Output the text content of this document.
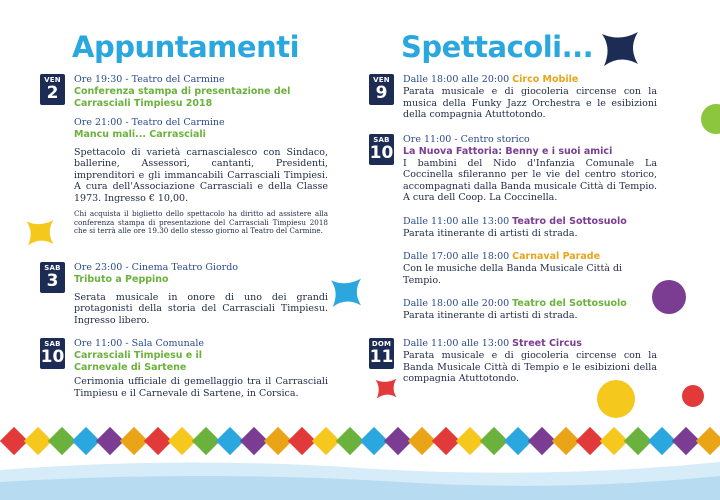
Appuntamenti	Spettacoli...
VEN
2
Ore 19:30 - Teatro del Carmine
Conferenza stampa di presentazione del Carrasciali Timpiesu 2018
Ore 21:00 - Teatro del Carmine
Mancu mali... Carrasciali
Spettacolo di varietà carnascialesco con Sindaco, ballerine, Assessori, cantanti, Presidenti, imprenditori e gli immancabili Carrasciali Timpiesi. A cura dell'Associazione Carrasciali e della Classe 1973. Ingresso € 10,00.
Chi acquista il biglietto dello spettacolo ha diritto ad assistere alla conferenza stampa di presentazione del Carrasciali Timpiesu 2018 che si terrà alle ore 19.30 dello stesso giorno al Teatro del Carmine.
SAB
3
Ore 23:00 - Cinema Teatro Giordo
Tributo a Peppino
Serata musicale in onore di uno dei grandi protagonisti della storia del Carrasciali Timpiesu. Ingresso libero.
SAB
10
Ore 11:00 - Sala Comunale
Carrasciali Timpiesu e il Carnevale di Sartene
Cerimonia ufficiale di gemellaggio tra il Carrasciali Timpiesu e il Carnevale di Sartene, in Corsica.
VEN
9
Dalle 18:00 alle 20:00 Circo Mobile
Parata musicale e di giocoleria circense con la musica della Funky Jazz Orchestra e le esibizioni della compagnia Atuttotondo.
SAB
10
Ore 11:00 - Centro storico
La Nuova Fattoria: Benny e i suoi amici
I bambini del Nido d'Infanzia Comunale La Coccinella sfileranno per le vie del centro storico, accompagnati dalla Banda musicale Città di Tempio. A cura dell Coop. La Coccinella.
Dalle 11:00 alle 13:00 Teatro del Sottosuolo
Parata itinerante di artisti di strada.
Dalle 17:00 alle 18:00 Carnaval Parade
Con le musiche della Banda Musicale Città di Tempio.
Dalle 18:00 alle 20:00 Teatro del Sottosuolo
Parata itinerante di artisti di strada.
DOM
11
Dalle 11:00 alle 13:00 Street Circus
Parata musicale e di giocoleria circense con la Banda Musicale Città di Tempio e le esibizioni della compagnia Atuttotondo.
